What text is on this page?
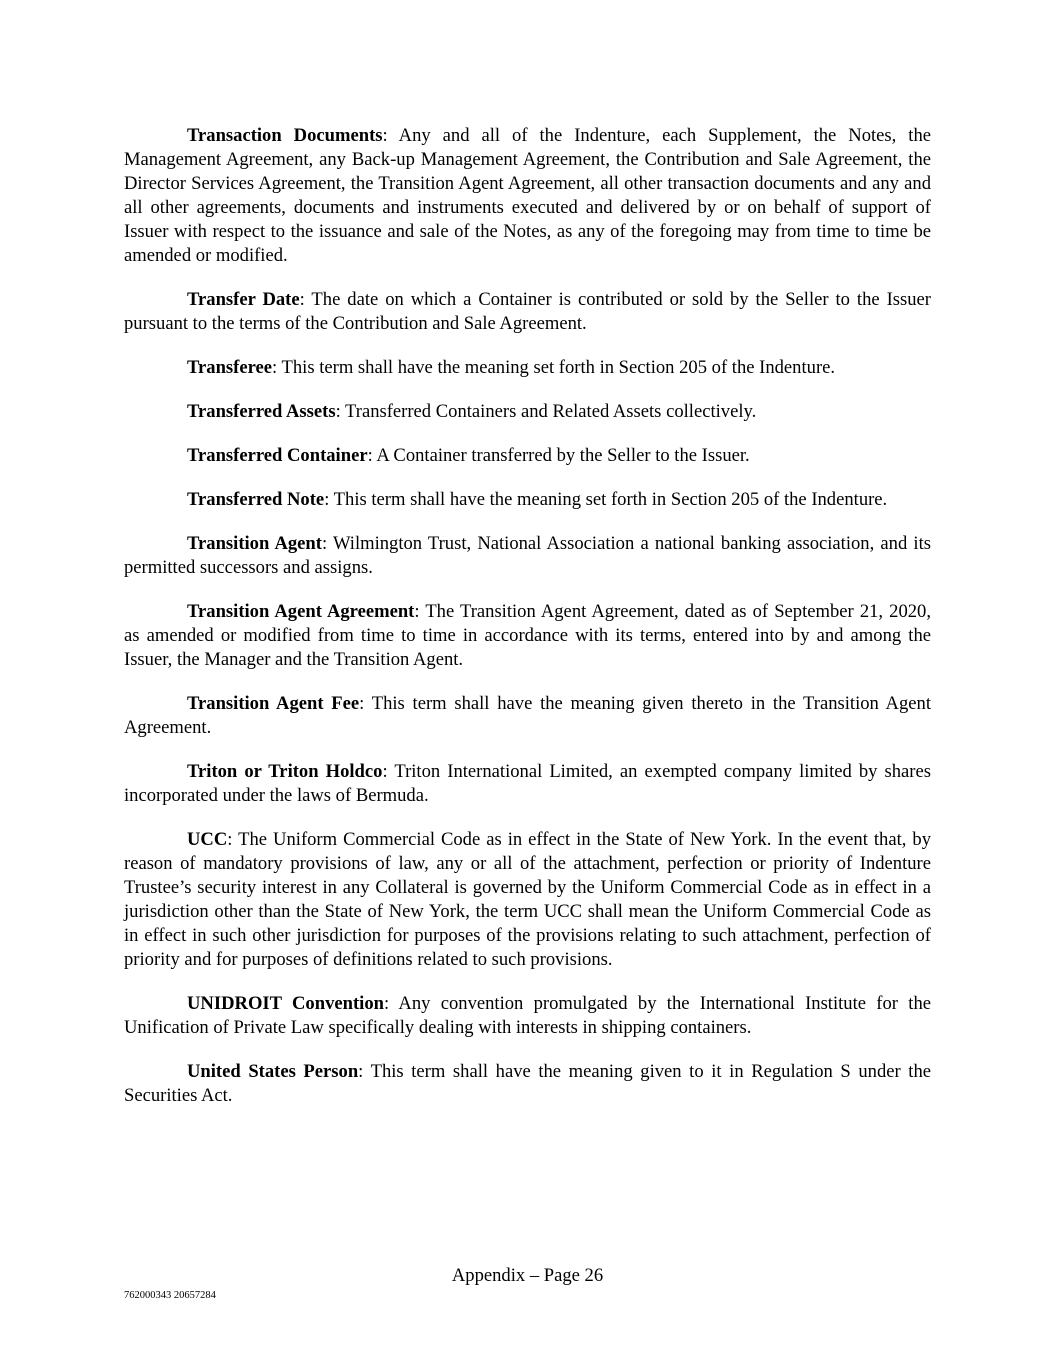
Transaction Documents: Any and all of the Indenture, each Supplement, the Notes, the Management Agreement, any Back-up Management Agreement, the Contribution and Sale Agreement, the Director Services Agreement, the Transition Agent Agreement, all other transaction documents and any and all other agreements, documents and instruments executed and delivered by or on behalf of support of Issuer with respect to the issuance and sale of the Notes, as any of the foregoing may from time to time be amended or modified.

Transfer Date: The date on which a Container is contributed or sold by the Seller to the Issuer pursuant to the terms of the Contribution and Sale Agreement.

Transferee: This term shall have the meaning set forth in Section 205 of the Indenture.

Transferred Assets: Transferred Containers and Related Assets collectively.

Transferred Container: A Container transferred by the Seller to the Issuer.

Transferred Note: This term shall have the meaning set forth in Section 205 of the Indenture.

Transition Agent: Wilmington Trust, National Association a national banking association, and its permitted successors and assigns.

Transition Agent Agreement: The Transition Agent Agreement, dated as of September 21, 2020, as amended or modified from time to time in accordance with its terms, entered into by and among the Issuer, the Manager and the Transition Agent.

Transition Agent Fee: This term shall have the meaning given thereto in the Transition Agent Agreement.

Triton or Triton Holdco: Triton International Limited, an exempted company limited by shares incorporated under the laws of Bermuda.

UCC: The Uniform Commercial Code as in effect in the State of New York. In the event that, by reason of mandatory provisions of law, any or all of the attachment, perfection or priority of Indenture Trustee’s security interest in any Collateral is governed by the Uniform Commercial Code as in effect in a jurisdiction other than the State of New York, the term UCC shall mean the Uniform Commercial Code as in effect in such other jurisdiction for purposes of the provisions relating to such attachment, perfection of priority and for purposes of definitions related to such provisions.

UNIDROIT Convention: Any convention promulgated by the International Institute for the Unification of Private Law specifically dealing with interests in shipping containers.

United States Person: This term shall have the meaning given to it in Regulation S under the Securities Act.

Appendix – Page 26
762000343 20657284
